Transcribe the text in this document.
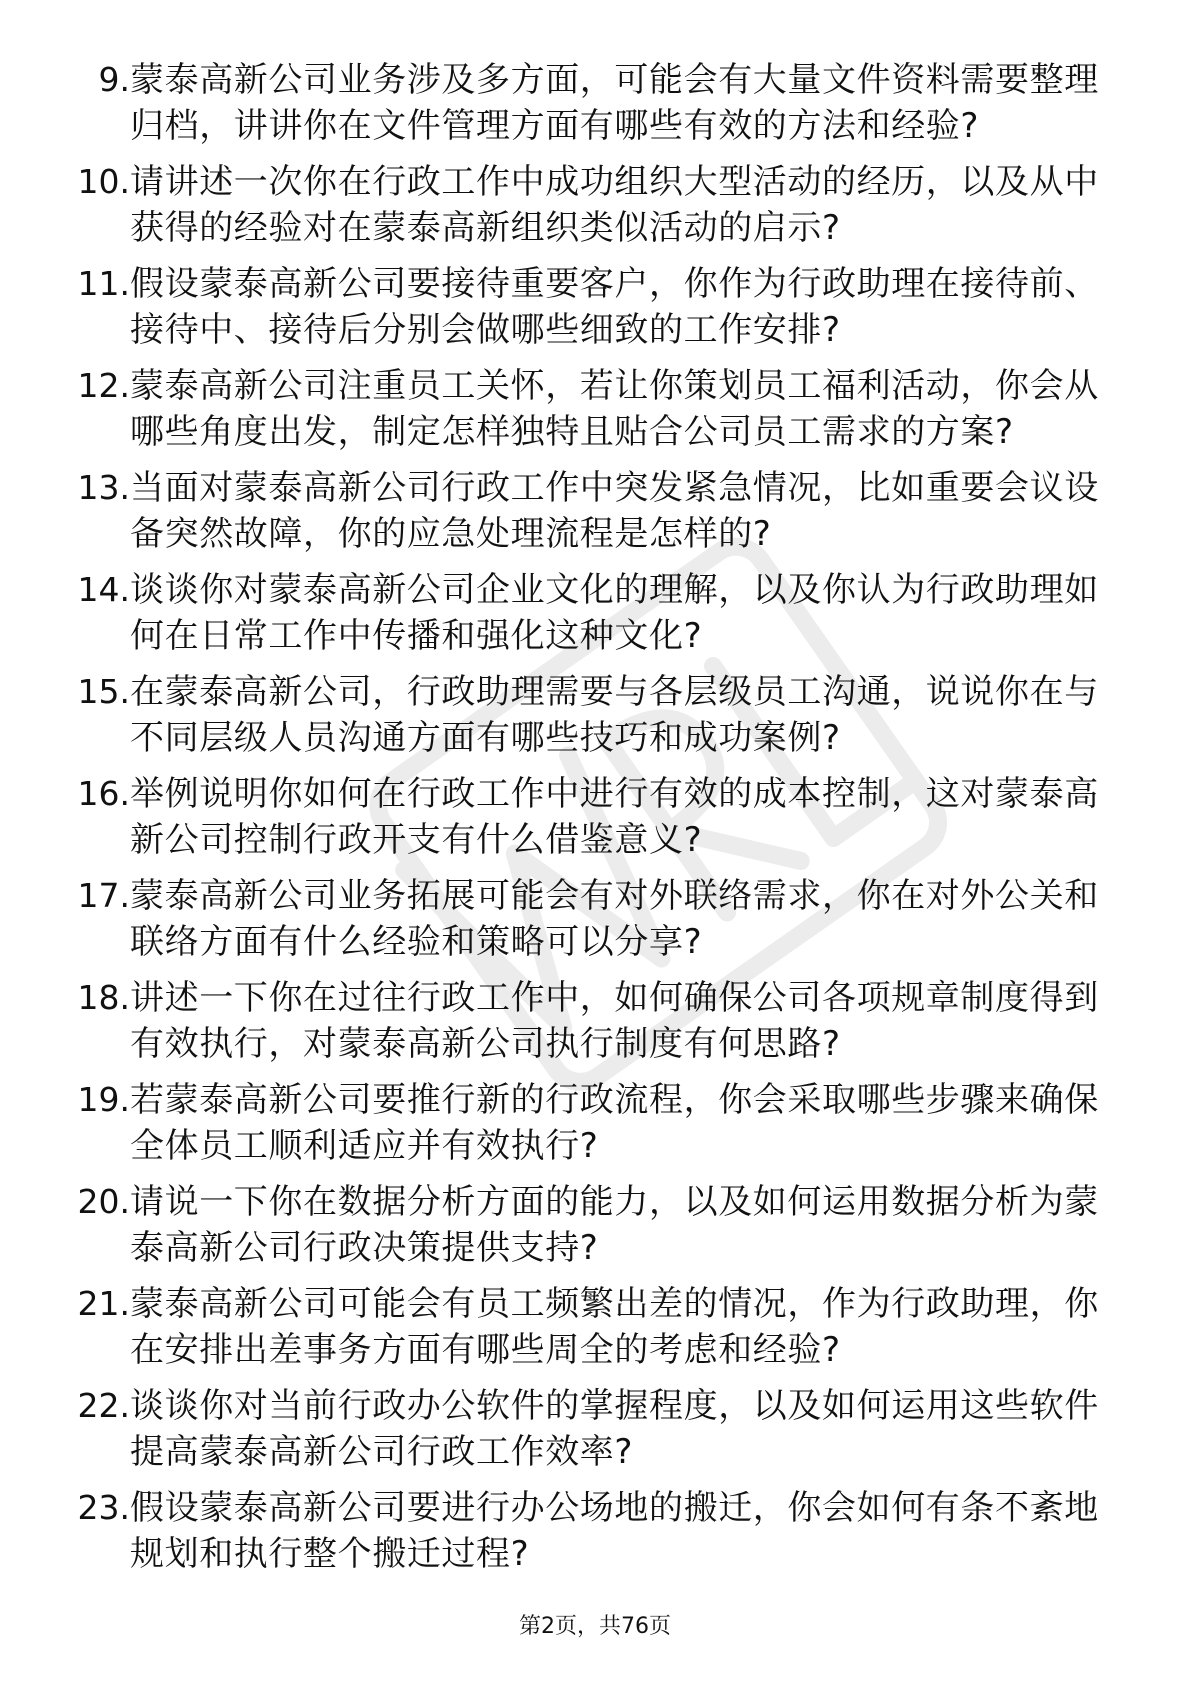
9. 蒙泰高新公司业务涉及多方面，可能会有大量文件资料需要整理归档，讲讲你在文件管理方面有哪些有效的方法和经验?
10. 请讲述一次你在行政工作中成功组织大型活动的经历，以及从中获得的经验对在蒙泰高新组织类似活动的启示?
11. 假设蒙泰高新公司要接待重要客户，你作为行政助理在接待前、接待中、接待后分别会做哪些细致的工作安排?
12. 蒙泰高新公司注重员工关怀，若让你策划员工福利活动，你会从哪些角度出发，制定怎样独特且贴合公司员工需求的方案?
13. 当面对蒙泰高新公司行政工作中突发紧急情况，比如重要会议设备突然故障，你的应急处理流程是怎样的?
14. 谈谈你对蒙泰高新公司企业文化的理解，以及你认为行政助理如何在日常工作中传播和强化这种文化?
15. 在蒙泰高新公司，行政助理需要与各层级员工沟通，说说你在与不同层级人员沟通方面有哪些技巧和成功案例?
16. 举例说明你如何在行政工作中进行有效的成本控制，这对蒙泰高新公司控制行政开支有什么借鉴意义?
17. 蒙泰高新公司业务拓展可能会有对外联络需求，你在对外公关和联络方面有什么经验和策略可以分享?
18. 讲述一下你在过往行政工作中，如何确保公司各项规章制度得到有效执行，对蒙泰高新公司执行制度有何思路?
19. 若蒙泰高新公司要推行新的行政流程，你会采取哪些步骤来确保全体员工顺利适应并有效执行?
20. 请说一下你在数据分析方面的能力，以及如何运用数据分析为蒙泰高新公司行政决策提供支持?
21. 蒙泰高新公司可能会有员工频繁出差的情况，作为行政助理，你在安排出差事务方面有哪些周全的考虑和经验?
22. 谈谈你对当前行政办公软件的掌握程度，以及如何运用这些软件提高蒙泰高新公司行政工作效率?
23. 假设蒙泰高新公司要进行办公场地的搬迁，你会如何有条不紊地规划和执行整个搬迁过程?
第2页，共76页
